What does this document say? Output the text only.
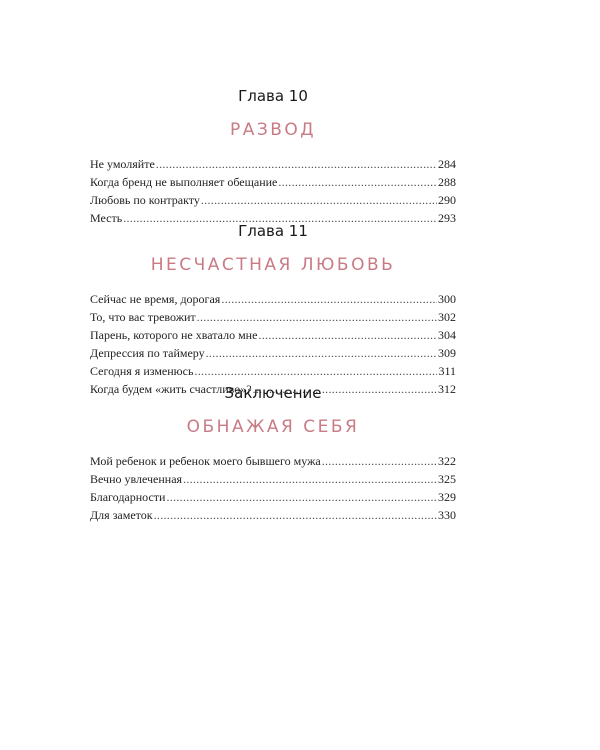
Глава 10
РАЗВОД
Не умоляйте .....	284
Когда бренд не выполняет обещание .....	288
Любовь по контракту .....	290
Месть .....	293
Глава 11
НЕСЧАСТНАЯ ЛЮБОВЬ
Сейчас не время, дорогая .....	300
То, что вас тревожит .....	302
Парень, которого не хватало мне .....	304
Депрессия по таймеру .....	309
Сегодня я изменюсь .....	311
Когда будем «жить счастливо»? .....	312
Заключение
ОБНАЖАЯ СЕБЯ
Мой ребенок и ребенок моего бывшего мужа .....	322
Вечно увлеченная .....	325
Благодарности .....	329
Для заметок .....	330
